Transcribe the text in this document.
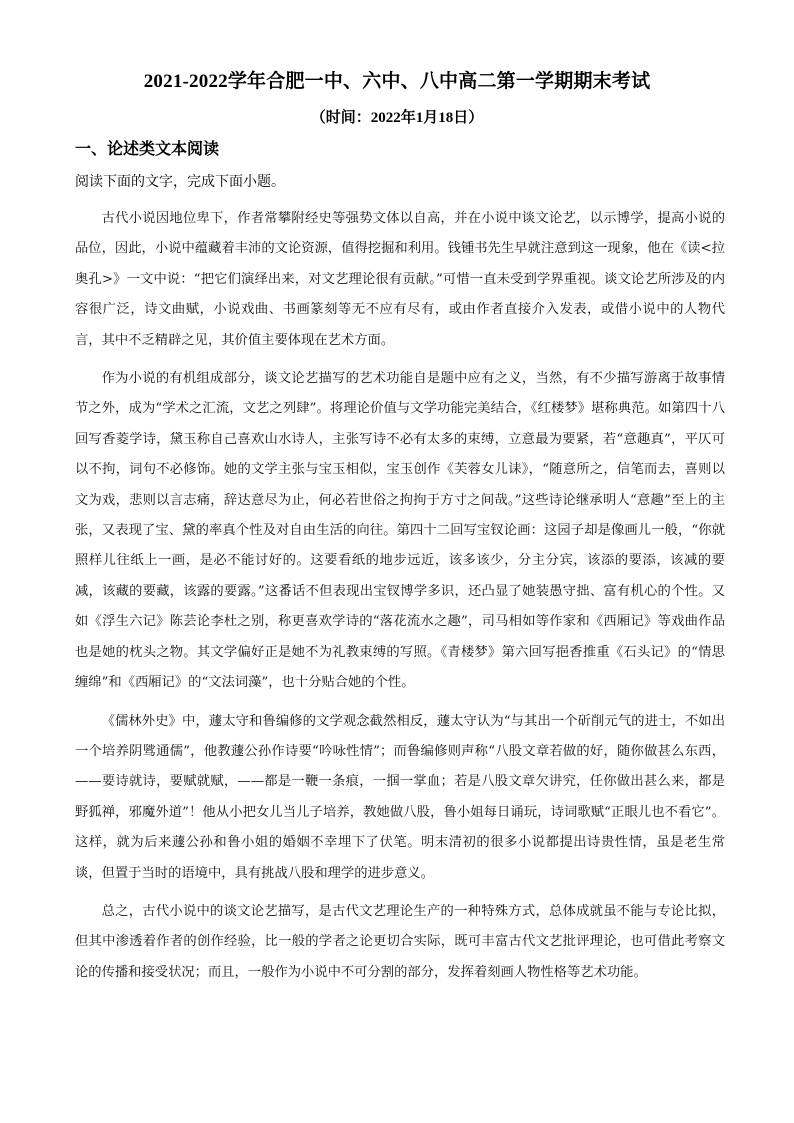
2021-2022学年合肥一中、六中、八中高二第一学期期末考试
（时间：2022年1月18日）
一、论述类文本阅读
阅读下面的文字，完成下面小题。

古代小说因地位卑下，作者常攀附经史等强势文体以自高，并在小说中谈文论艺，以示博学，提高小说的品位，因此，小说中蕴藏着丰沛的文论资源，值得挖掘和利用。钱锺书先生早就注意到这一现象，他在《读<拉奥孔>》一文中说：“把它们演绎出来，对文艺理论很有贡献。”可惜一直未受到学界重视。谈文论艺所涉及的内容很广泛，诗文曲赋，小说戏曲、书画篆刻等无不应有尽有，或由作者直接介入发表，或借小说中的人物代言，其中不乏精辟之见，其价值主要体现在艺术方面。

作为小说的有机组成部分，谈文论艺描写的艺术功能自是题中应有之义，当然，有不少描写游离于故事情节之外，成为“学术之汇流，文艺之列肆”。将理论价值与文学功能完美结合，《红楼梦》堪称典范。如第四十八回写香菱学诗，黛玉称自己喜欢山水诗人，主张写诗不必有太多的束缚，立意最为要紧，若“意趣真”，平仄可以不拘，词句不必修饰。她的文学主张与宝玉相似，宝玉创作《芙蓉女儿诔》，“随意所之，信笔而去，喜则以文为戏，悲则以言志痛，辞达意尽为止，何必若世俗之拘拘于方寸之间哉。”这些诗论继承明人“意趣”至上的主张，又表现了宝、黛的率真个性及对自由生活的向往。第四十二回写宝钗论画：这园子却是像画儿一般，“你就照样儿往纸上一画，是必不能讨好的。这要看纸的地步远近，该多该少，分主分宾，该添的要添，该减的要减，该藏的要藏，该露的要露。”这番话不但表现出宝钗博学多识，还凸显了她装愚守拙、富有机心的个性。又如《浮生六记》陈芸论李杜之别，称更喜欢学诗的“落花流水之趣”，司马相如等作家和《西厢记》等戏曲作品也是她的枕头之物。其文学偏好正是她不为礼教束缚的写照。《青楼梦》第六回写挹香推重《石头记》的“情思缠绵”和《西厢记》的“文法词藻”，也十分贴合她的个性。

《儒林外史》中，蘧太守和鲁编修的文学观念截然相反，蘧太守认为“与其出一个斫削元气的进士，不如出一个培养阴骘通儒”，他教蘧公孙作诗要“吟咏性情”；而鲁编修则声称“八股文章若做的好，随你做甚么东西，——要诗就诗，要赋就赋，——都是一鞭一条痕，一掴一掌血；若是八股文章欠讲究，任你做出甚么来，都是野狐禅，邪魔外道”！他从小把女儿当儿子培养，教她做八股，鲁小姐每日诵玩，诗词歌赋“正眼儿也不看它”。这样，就为后来蘧公孙和鲁小姐的婚姻不幸埋下了伏笔。明末清初的很多小说都提出诗贵性情，虽是老生常谈，但置于当时的语境中，具有挑战八股和理学的进步意义。

总之，古代小说中的谈文论艺描写，是古代文艺理论生产的一种特殊方式，总体成就虽不能与专论比拟，但其中渗透着作者的创作经验，比一般的学者之论更切合实际，既可丰富古代文艺批评理论，也可借此考察文论的传播和接受状况；而且，一般作为小说中不可分割的部分，发挥着刻画人物性格等艺术功能。
